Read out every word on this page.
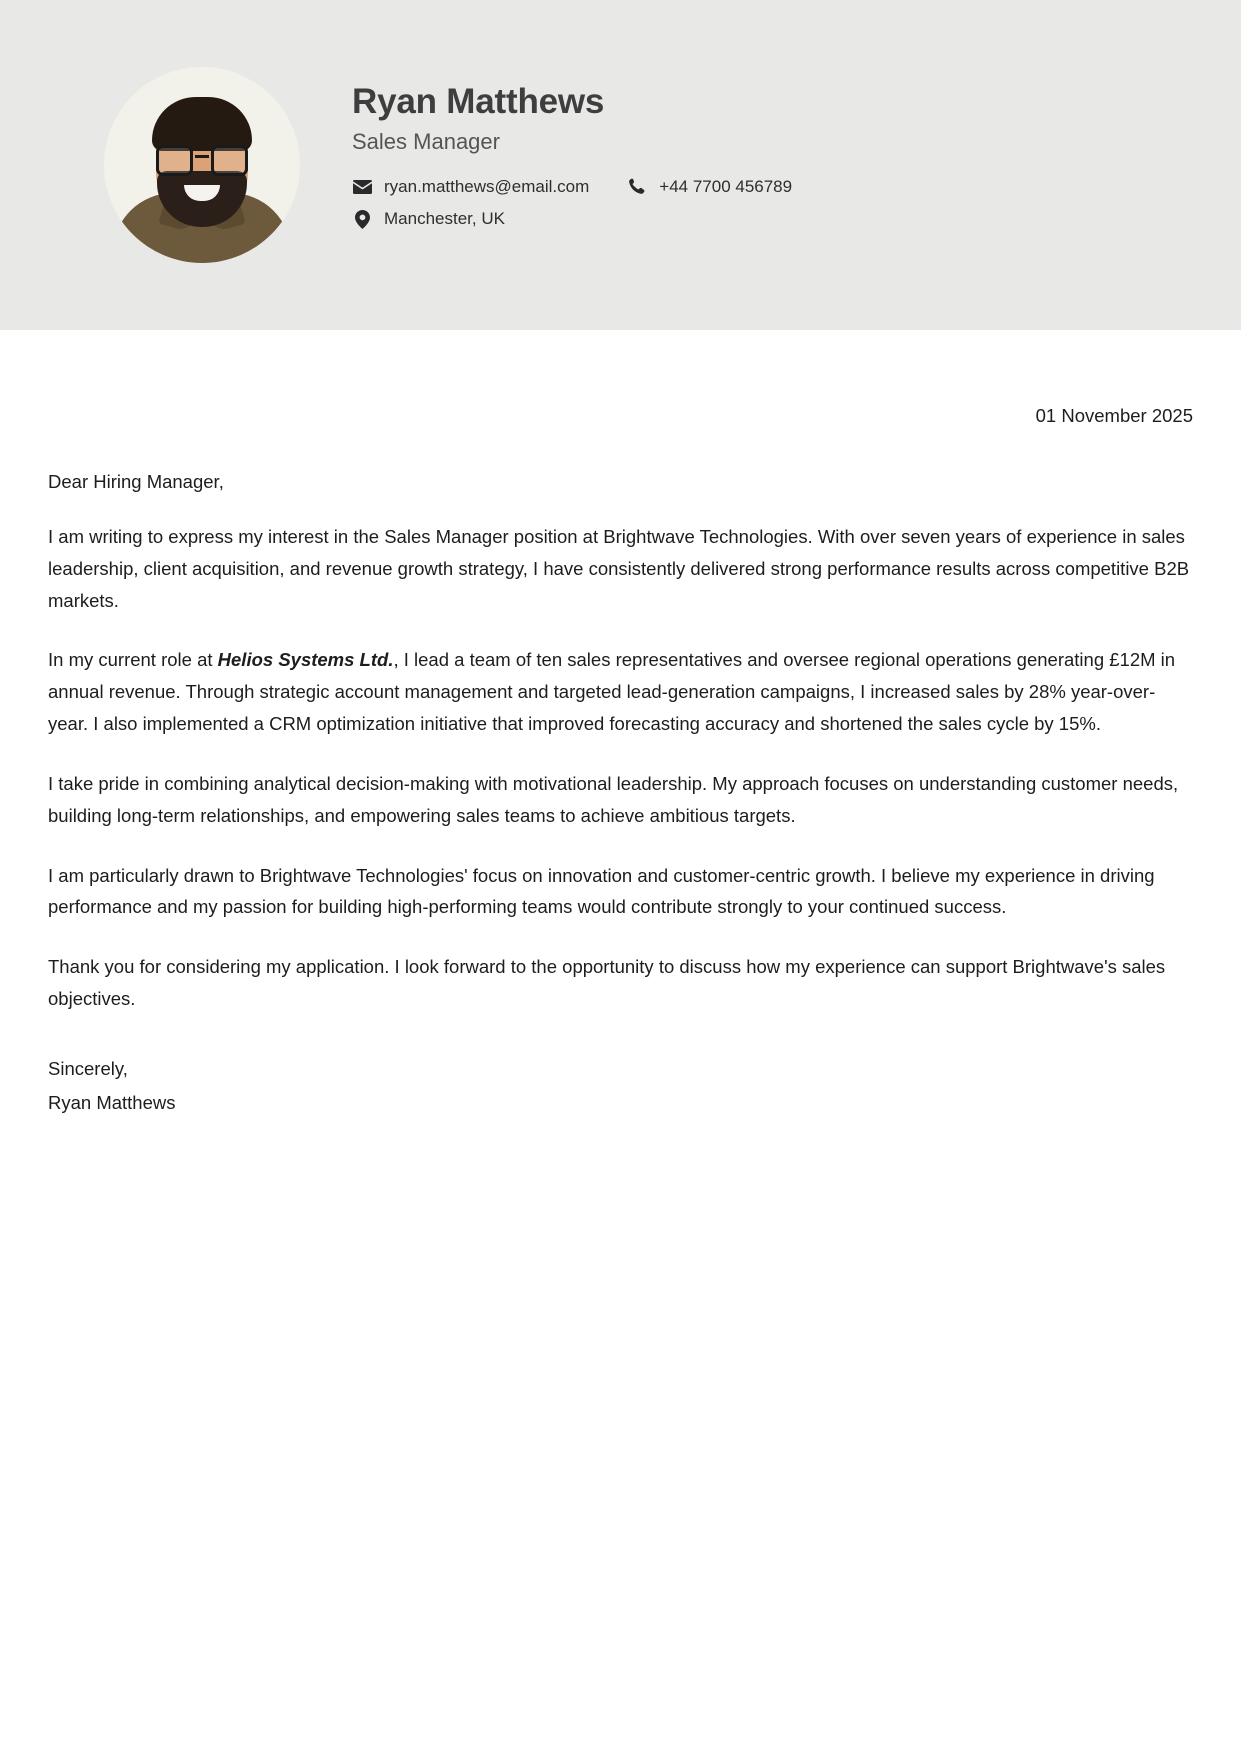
Ryan Matthews
Sales Manager
ryan.matthews@email.com	+44 7700 456789
Manchester, UK
01 November 2025
Dear Hiring Manager,

I am writing to express my interest in the Sales Manager position at Brightwave Technologies. With over seven years of experience in sales leadership, client acquisition, and revenue growth strategy, I have consistently delivered strong performance results across competitive B2B markets.

In my current role at Helios Systems Ltd., I lead a team of ten sales representatives and oversee regional operations generating £12M in annual revenue. Through strategic account management and targeted lead-generation campaigns, I increased sales by 28% year-over-year. I also implemented a CRM optimization initiative that improved forecasting accuracy and shortened the sales cycle by 15%.

I take pride in combining analytical decision-making with motivational leadership. My approach focuses on understanding customer needs, building long-term relationships, and empowering sales teams to achieve ambitious targets.

I am particularly drawn to Brightwave Technologies' focus on innovation and customer-centric growth. I believe my experience in driving performance and my passion for building high-performing teams would contribute strongly to your continued success.

Thank you for considering my application. I look forward to the opportunity to discuss how my experience can support Brightwave's sales objectives.

Sincerely,
Ryan Matthews
